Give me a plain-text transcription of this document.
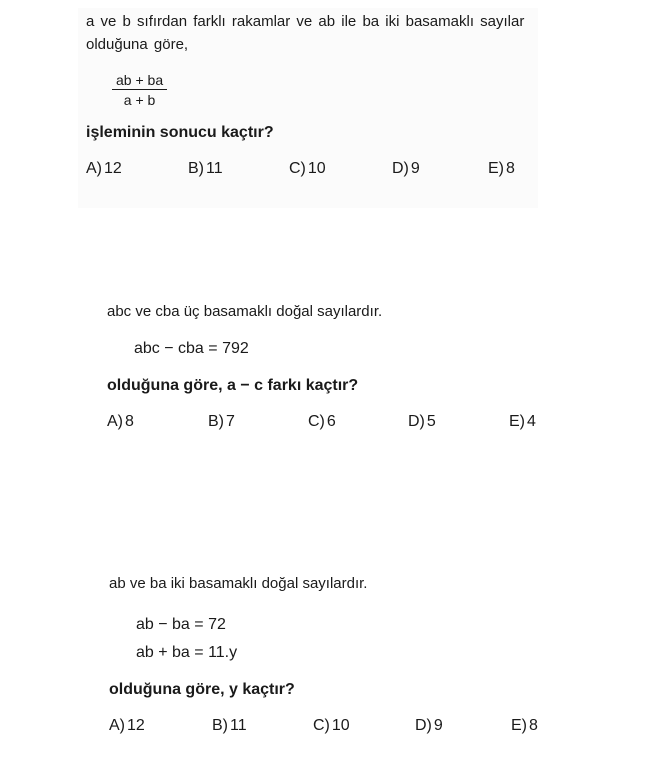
a ve b sıfırdan farklı rakamlar ve ab ile ba iki basamaklı sayılar olduğuna göre,

$\frac{ab + ba}{a + b}$

işleminin sonucu kaçtır?

A) 12	B) 11	C) 10	D) 9	E) 8

abc ve cba üç basamaklı doğal sayılardır.

abc − cba = 792

olduğuna göre, a − c farkı kaçtır?

A) 8	B) 7	C) 6	D) 5	E) 4

ab ve ba iki basamaklı doğal sayılardır.

ab − ba = 72

ab + ba = 11.y

olduğuna göre, y kaçtır?

A) 12	B) 11	C) 10	D) 9	E) 8
